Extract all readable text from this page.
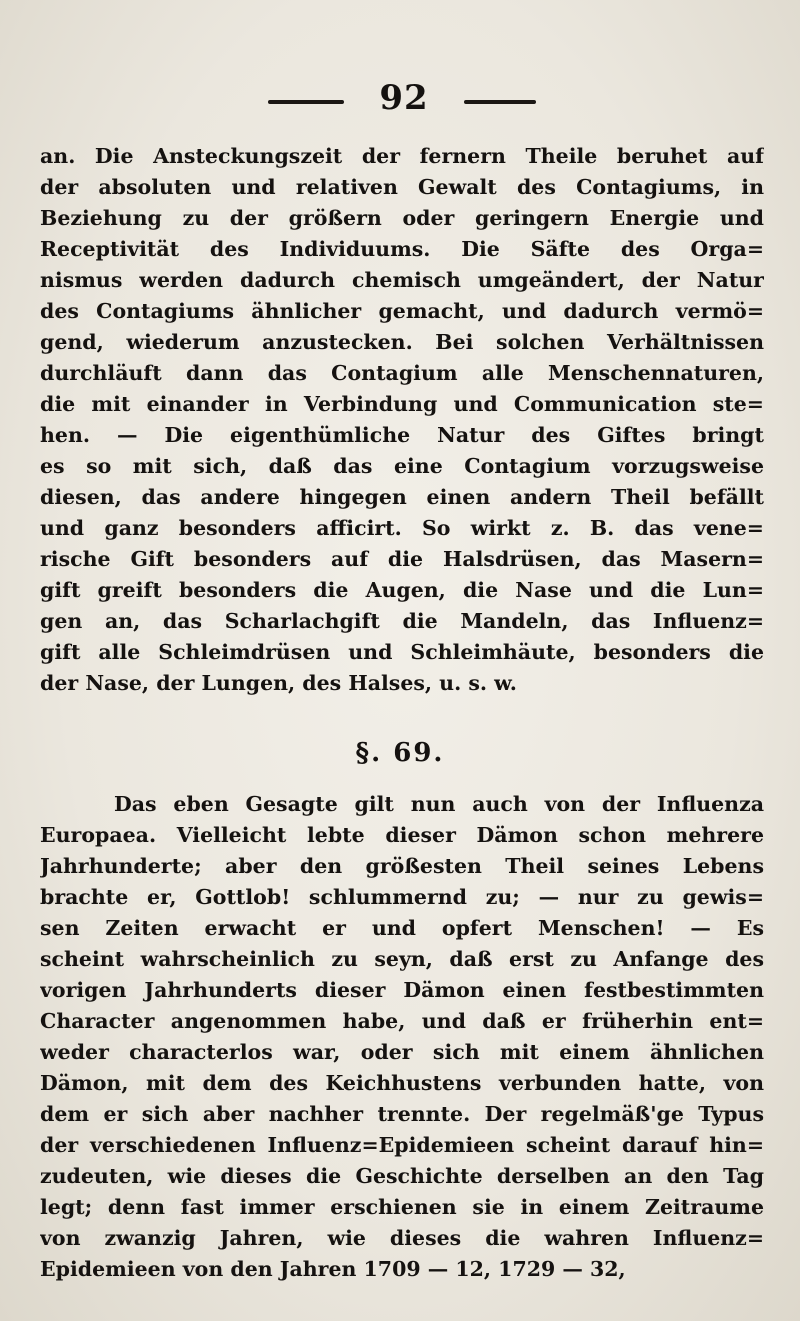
92
an. Die Ansteckungszeit der fernern Theile beruhet auf
der absoluten und relativen Gewalt des Contagiums, in
Beziehung zu der größern oder geringern Energie und
Receptivität des Individuums. Die Säfte des Orga=
nismus werden dadurch chemisch umgeändert, der Natur
des Contagiums ähnlicher gemacht, und dadurch vermö=
gend, wiederum anzustecken. Bei solchen Verhältnissen
durchläuft dann das Contagium alle Menschennaturen,
die mit einander in Verbindung und Communication ste=
hen. — Die eigenthümliche Natur des Giftes bringt
es so mit sich, daß das eine Contagium vorzugsweise
diesen, das andere hingegen einen andern Theil befällt
und ganz besonders afficirt. So wirkt z. B. das vene=
rische Gift besonders auf die Halsdrüsen, das Masern=
gift greift besonders die Augen, die Nase und die Lun=
gen an, das Scharlachgift die Mandeln, das Influenz=
gift alle Schleimdrüsen und Schleimhäute, besonders die
der Nase, der Lungen, des Halses, u. s. w.
§. 69.
Das eben Gesagte gilt nun auch von der Influenza
Europaea. Vielleicht lebte dieser Dämon schon mehrere
Jahrhunderte; aber den größesten Theil seines Lebens
brachte er, Gottlob! schlummernd zu; — nur zu gewis=
sen Zeiten erwacht er und opfert Menschen! — Es
scheint wahrscheinlich zu seyn, daß erst zu Anfange des
vorigen Jahrhunderts dieser Dämon einen festbestimmten
Character angenommen habe, und daß er früherhin ent=
weder characterlos war, oder sich mit einem ähnlichen
Dämon, mit dem des Keichhustens verbunden hatte, von
dem er sich aber nachher trennte. Der regelmäß'ge Typus
der verschiedenen Influenz=Epidemieen scheint darauf hin=
zudeuten, wie dieses die Geschichte derselben an den Tag
legt; denn fast immer erschienen sie in einem Zeitraume
von zwanzig Jahren, wie dieses die wahren Influenz=
Epidemieen von den Jahren 1709 — 12, 1729 — 32,
